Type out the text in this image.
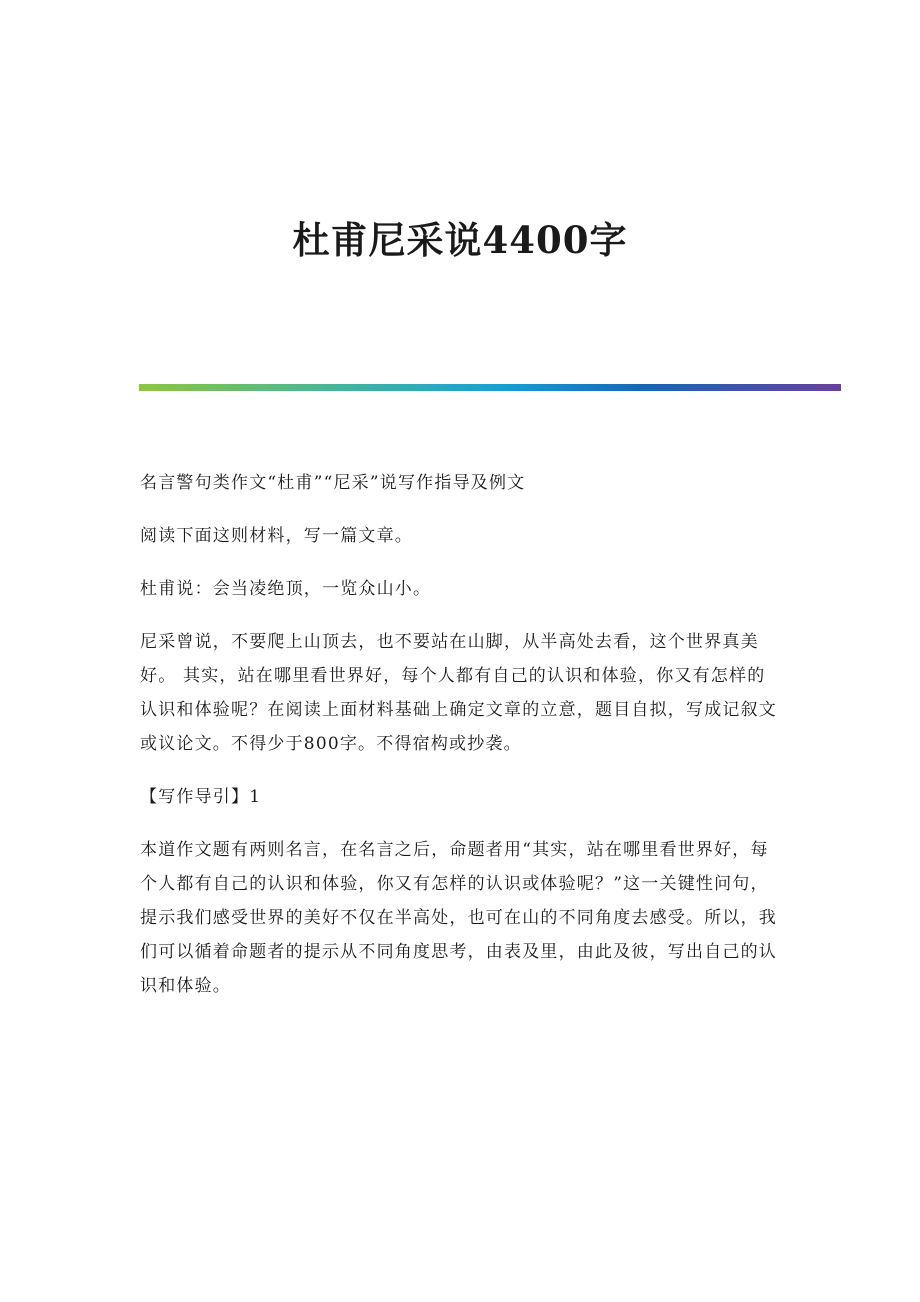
杜甫尼采说4400字

名言警句类作文“杜甫”“尼采”说写作指导及例文

阅读下面这则材料，写一篇文章。

杜甫说：会当凌绝顶，一览众山小。

尼采曾说，不要爬上山顶去，也不要站在山脚，从半高处去看，这个世界真美好。 其实，站在哪里看世界好，每个人都有自己的认识和体验，你又有怎样的认识和体验呢？在阅读上面材料基础上确定文章的立意，题目自拟，写成记叙文或议论文。不得少于800字。不得宿构或抄袭。

【写作导引】1

本道作文题有两则名言，在名言之后，命题者用“其实，站在哪里看世界好，每个人都有自己的认识和体验，你又有怎样的认识或体验呢？”这一关键性问句，提示我们感受世界的美好不仅在半高处，也可在山的不同角度去感受。所以，我们可以循着命题者的提示从不同角度思考，由表及里，由此及彼，写出自己的认识和体验。
